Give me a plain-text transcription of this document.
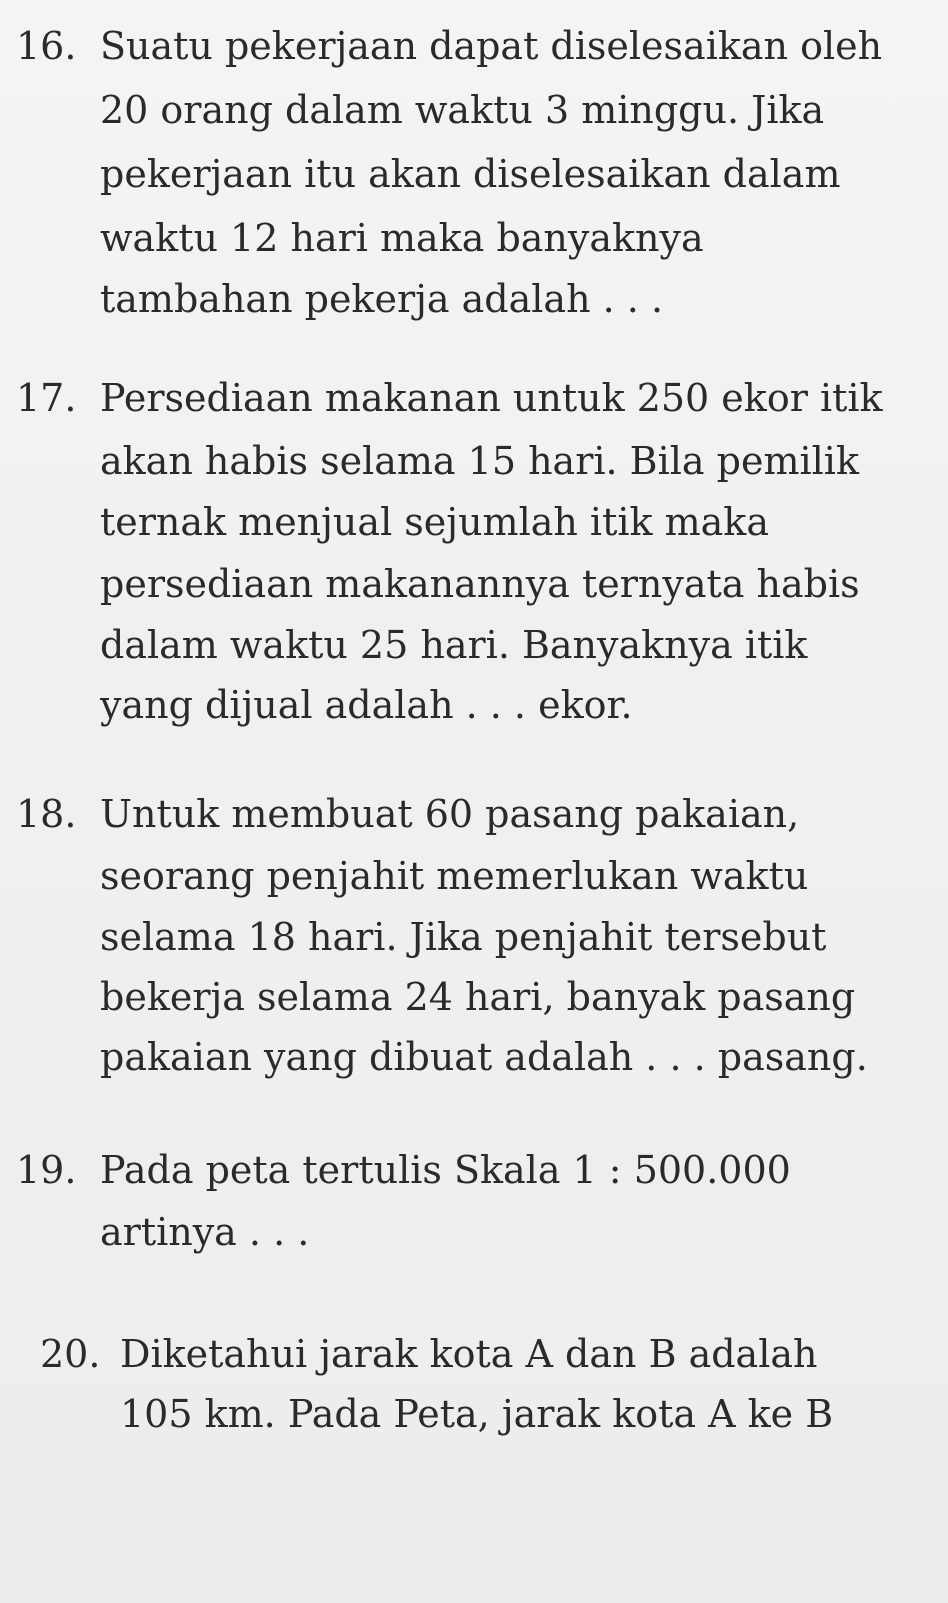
16. Suatu pekerjaan dapat diselesaikan oleh
20 orang dalam waktu 3 minggu. Jika
pekerjaan itu akan diselesaikan dalam
waktu 12 hari maka banyaknya
tambahan pekerja adalah . . .
17. Persediaan makanan untuk 250 ekor itik
akan habis selama 15 hari. Bila pemilik
ternak menjual sejumlah itik maka
persediaan makanannya ternyata habis
dalam waktu 25 hari. Banyaknya itik
yang dijual adalah . . . ekor.
18. Untuk membuat 60 pasang pakaian,
seorang penjahit memerlukan waktu
selama 18 hari. Jika penjahit tersebut
bekerja selama 24 hari, banyak pasang
pakaian yang dibuat adalah . . . pasang.
19. Pada peta tertulis Skala 1 : 500.000
artinya . . .
20. Diketahui jarak kota A dan B adalah
105 km. Pada Peta, jarak kota A ke B
